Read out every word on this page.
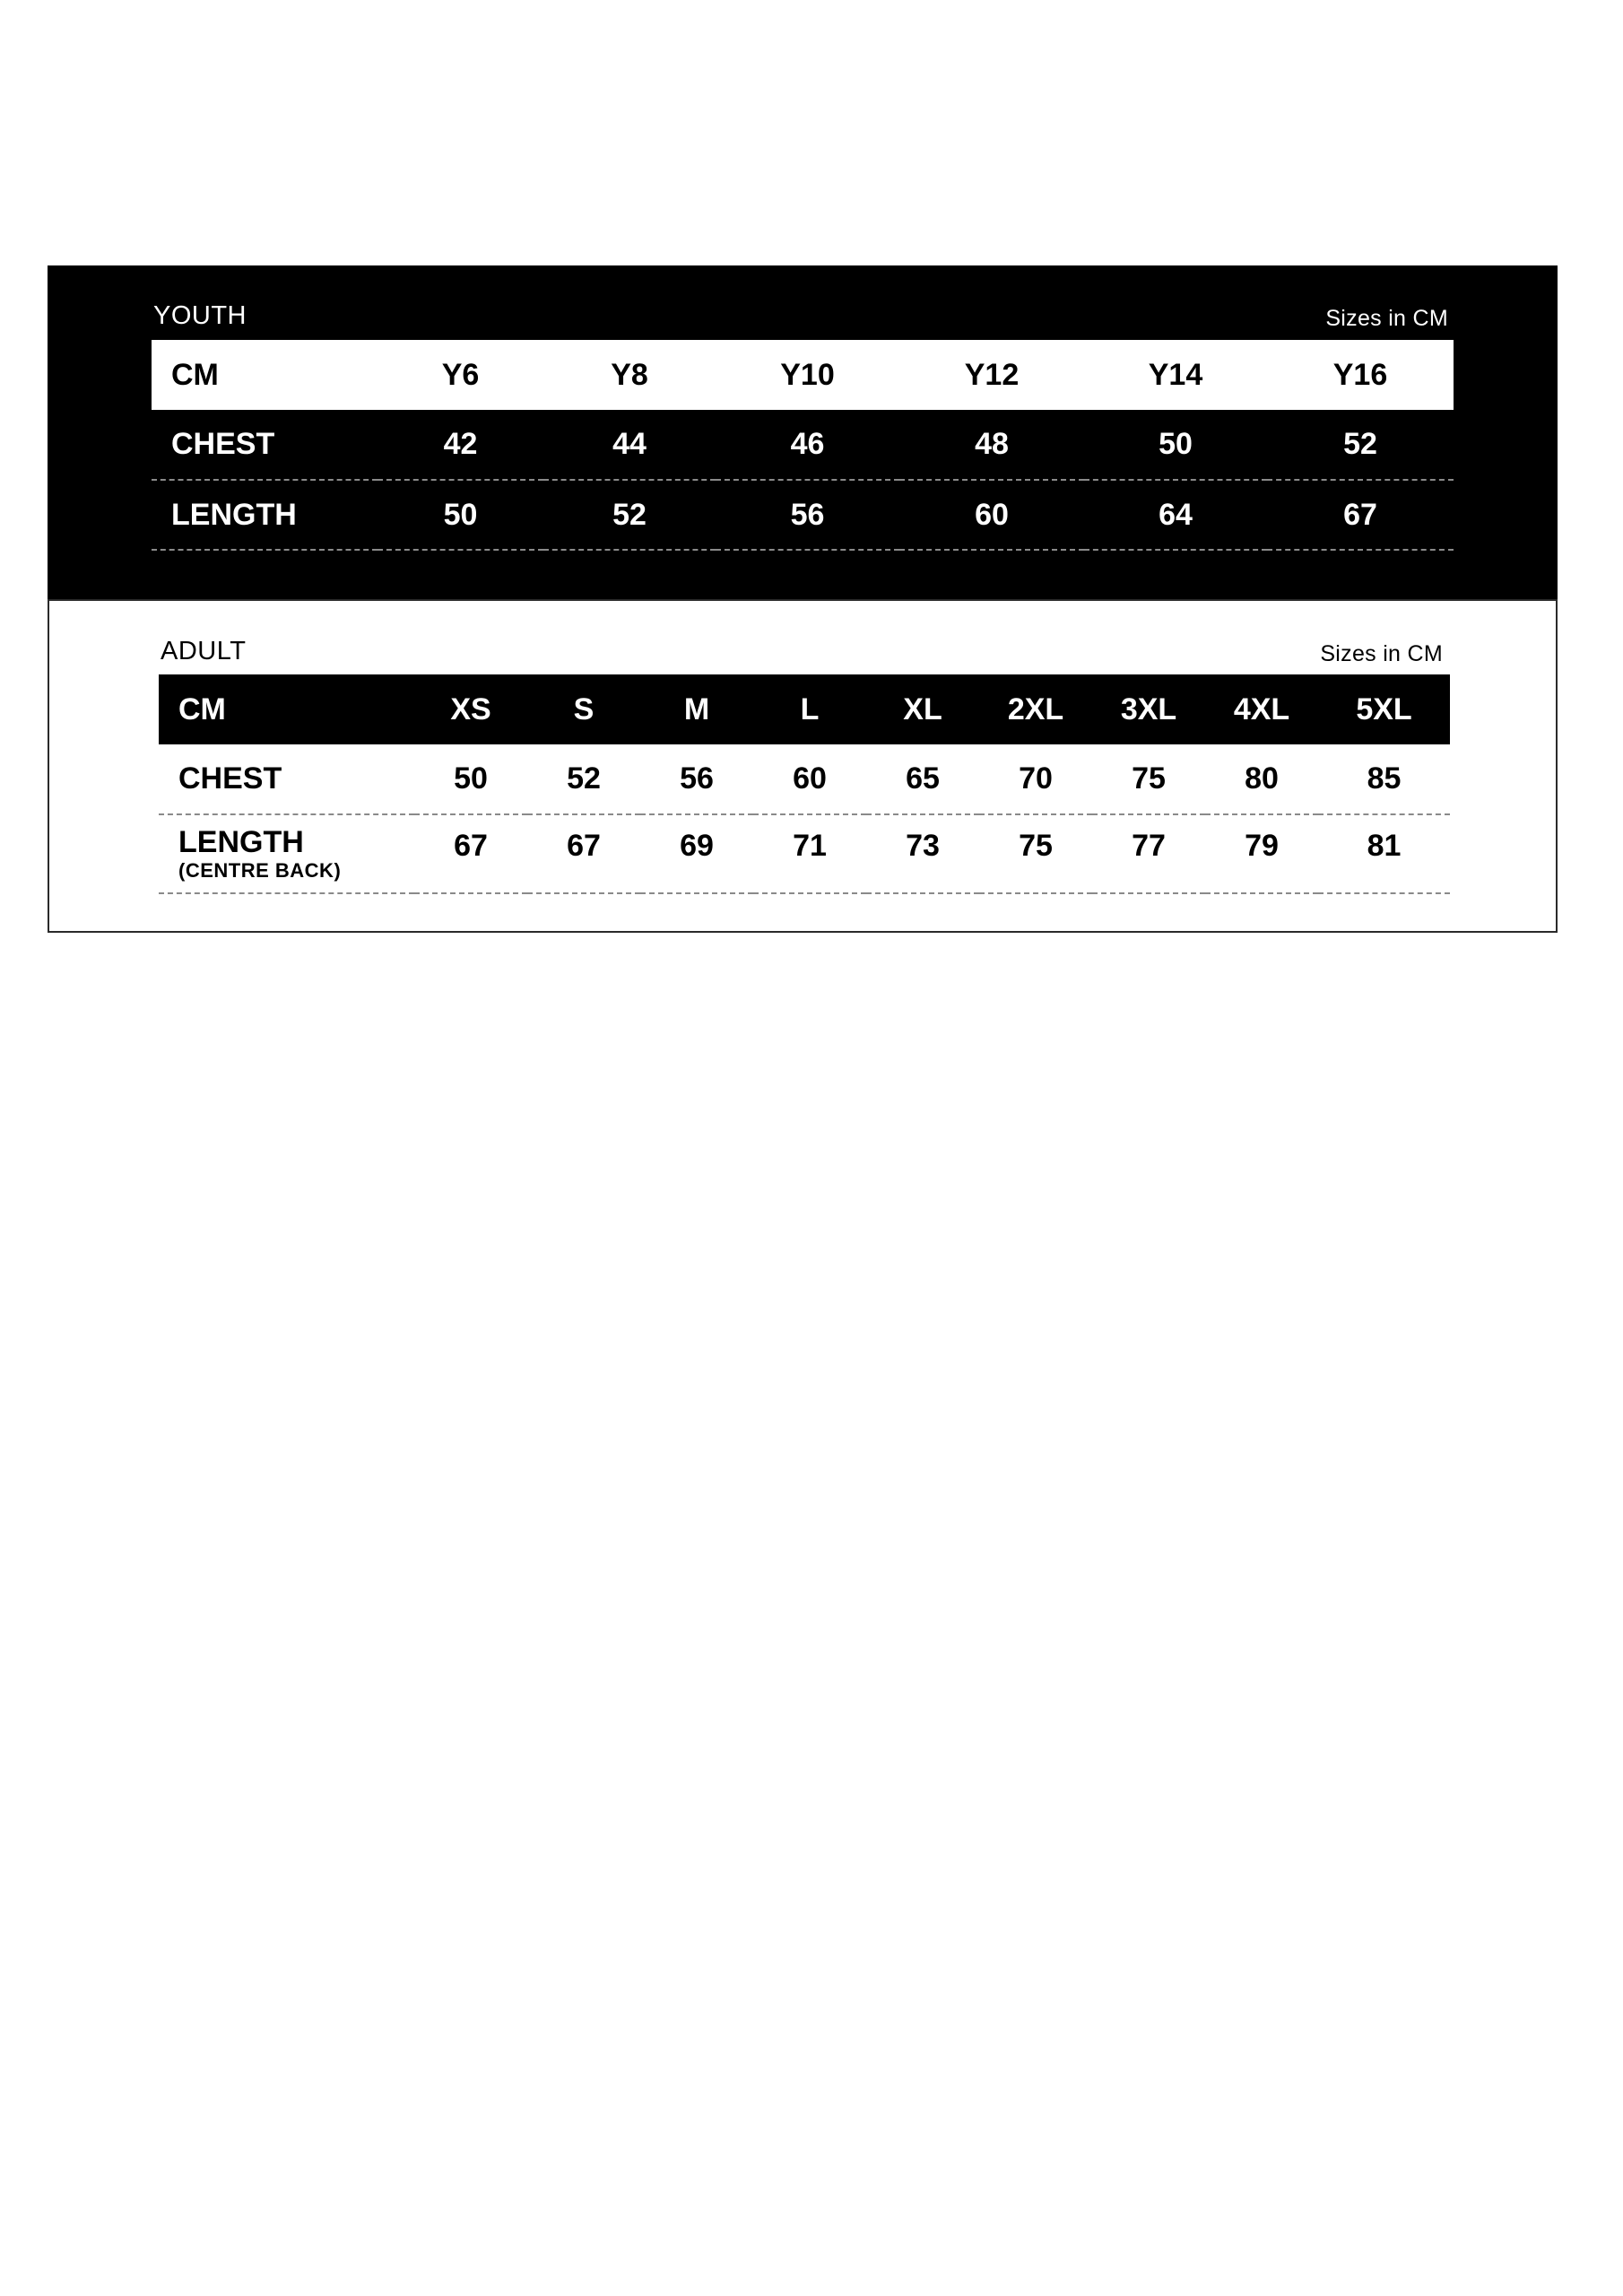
YOUTH	Sizes in CM
CM	Y6	Y8	Y10	Y12	Y14	Y16
CHEST	42	44	46	48	50	52
LENGTH	50	52	56	60	64	67
ADULT	Sizes in CM
CM	XS	S	M	L	XL	2XL	3XL	4XL	5XL
CHEST	50	52	56	60	65	70	75	80	85

LENGTH
(CENTRE BACK)	67	67	69	71	73	75	77	79	81
